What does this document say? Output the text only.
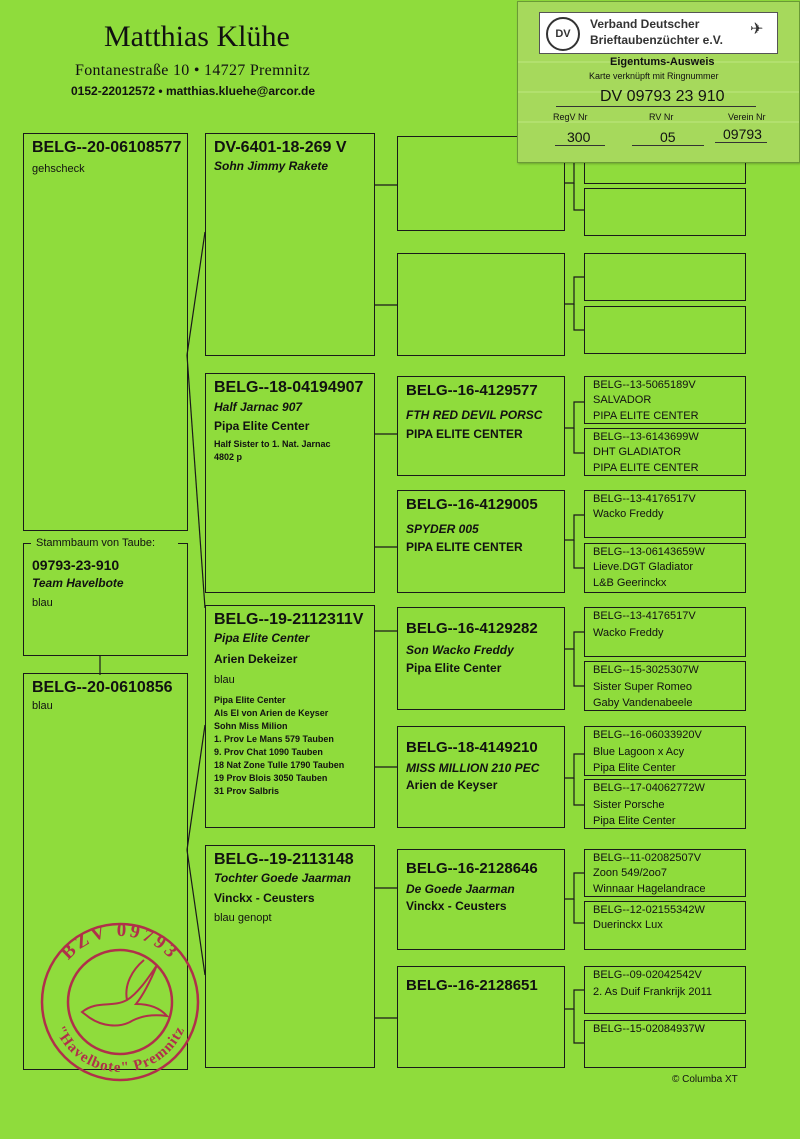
Matthias Klühe
Fontanestraße 10 • 14727 Premnitz
0152-22012572 • matthias.kluehe@arcor.de
BELG--20-06108577
gehscheck
Stammbaum von Taube:
09793-23-910
Team Havelbote
blau
BELG--20-0610856
blau
DV-6401-18-269 V
Sohn Jimmy Rakete
BELG--18-04194907
Half Jarnac 907
Pipa Elite Center
Half Sister to 1. Nat. Jarnac
4802 p
BELG--19-2112311V
Pipa Elite Center
Arien Dekeizer
blau
Pipa Elite Center
Als El von Arien de Keyser
Sohn Miss Milion
1. Prov Le Mans 579 Tauben
9. Prov Chat 1090 Tauben
18 Nat Zone Tulle 1790 Tauben
19 Prov Blois 3050 Tauben
31 Prov Salbris
BELG--19-2113148
Tochter Goede Jaarman
Vinckx - Ceusters
blau genopt
BELG--16-4129577
FTH RED DEVIL PORSC
PIPA ELITE CENTER
BELG--16-4129005
SPYDER 005
PIPA ELITE CENTER
BELG--16-4129282
Son Wacko Freddy
Pipa Elite Center
BELG--18-4149210
MISS MILLION 210 PEC
Arien de Keyser
BELG--16-2128646
De Goede Jaarman
Vinckx - Ceusters
BELG--16-2128651
BELG--13-5065189V
SALVADOR
PIPA ELITE CENTER
BELG--13-6143699W
DHT GLADIATOR
PIPA ELITE CENTER
BELG--13-4176517V
Wacko Freddy
BELG--13-06143659W
Lieve.DGT Gladiator
L&B Geerinckx
BELG--13-4176517V
Wacko Freddy
BELG--15-3025307W
Sister Super Romeo
Gaby Vandenabeele
BELG--16-06033920V
Blue Lagoon x Acy
Pipa Elite Center
BELG--17-04062772W
Sister Porsche
Pipa Elite Center
BELG--11-02082507V
Zoon 549/2oo7
Winnaar Hagelandrace
BELG--12-02155342W
Duerinckx Lux
BELG--09-02042542V
2. As Duif Frankrijk 2011
BELG--15-02084937W
DV
Verband Deutscher
Brieftaubenzüchter e.V.
✈
Eigentums-Ausweis
Karte verknüpft mit Ringnummer
DV 09793 23 910
RegV Nr	RV Nr	Verein Nr
300	05	09793
BZV 09793
"Havelbote" Premnitz
© Columba XT
